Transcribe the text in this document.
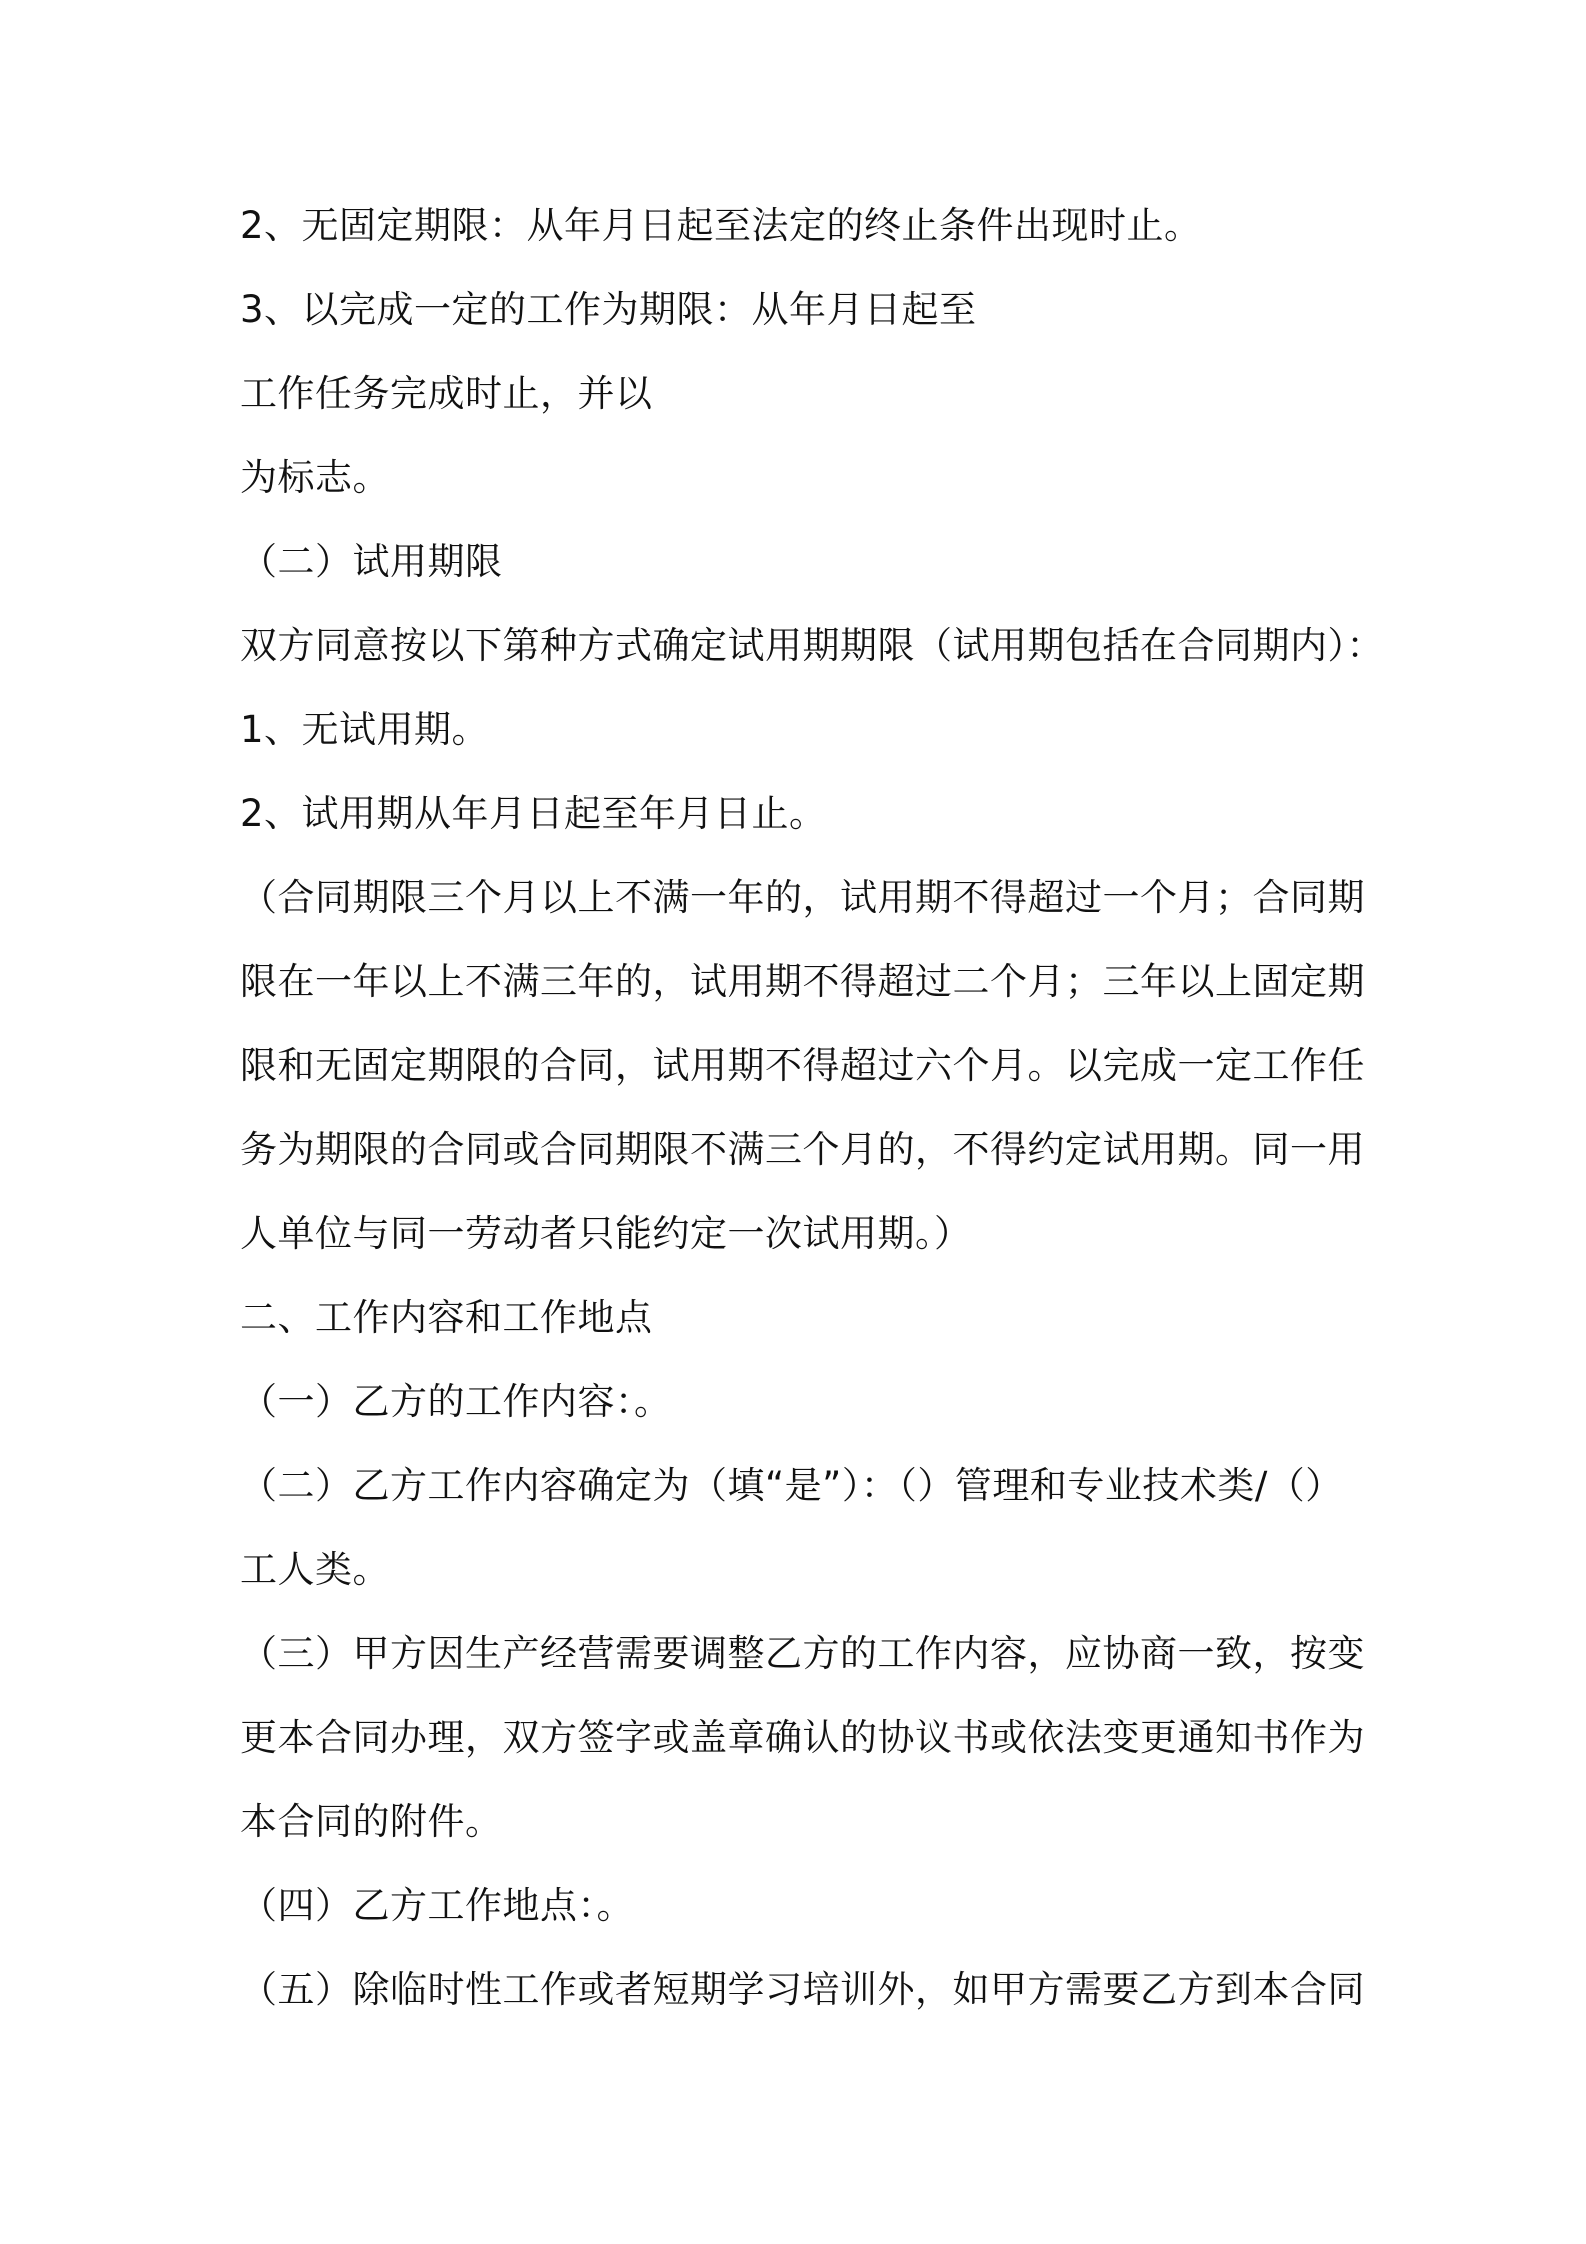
2、无固定期限：从年月日起至法定的终止条件出现时止。
3、以完成一定的工作为期限：从年月日起至
工作任务完成时止，并以
为标志。
（二）试用期限
双方同意按以下第种方式确定试用期期限（试用期包括在合同期内）：
1、无试用期。
2、试用期从年月日起至年月日止。
（合同期限三个月以上不满一年的，试用期不得超过一个月；合同期
限在一年以上不满三年的，试用期不得超过二个月；三年以上固定期
限和无固定期限的合同，试用期不得超过六个月。以完成一定工作任
务为期限的合同或合同期限不满三个月的，不得约定试用期。同一用
人单位与同一劳动者只能约定一次试用期。）
二、工作内容和工作地点
（一）乙方的工作内容：。
（二）乙方工作内容确定为（填“是”）：（）管理和专业技术类/（）
工人类。
（三）甲方因生产经营需要调整乙方的工作内容，应协商一致，按变
更本合同办理，双方签字或盖章确认的协议书或依法变更通知书作为
本合同的附件。
（四）乙方工作地点：。
（五）除临时性工作或者短期学习培训外，如甲方需要乙方到本合同
